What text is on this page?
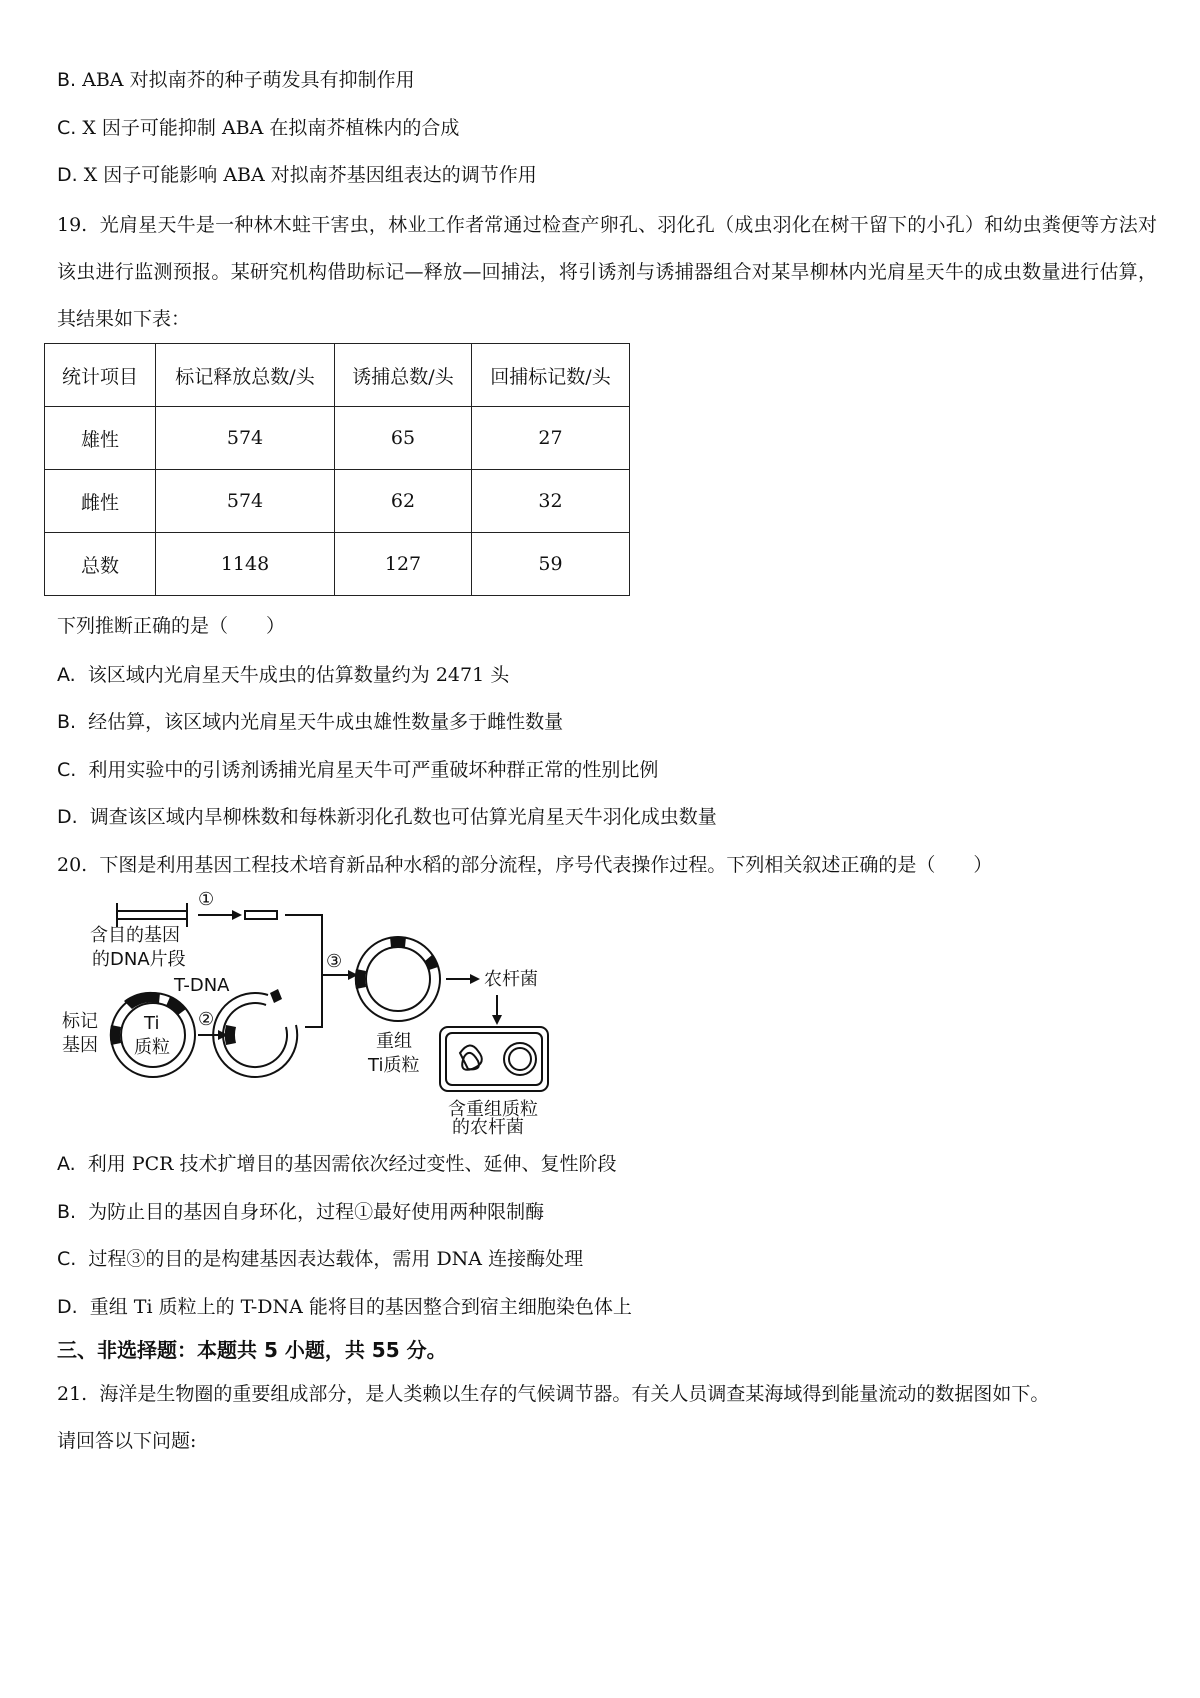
B. ABA 对拟南芥的种子萌发具有抑制作用
C. X 因子可能抑制 ABA 在拟南芥植株内的合成
D. X 因子可能影响 ABA 对拟南芥基因组表达的调节作用
19. 光肩星天牛是一种林木蛀干害虫，林业工作者常通过检查产卵孔、羽化孔（成虫羽化在树干留下的小孔）和幼虫粪便等方法对该虫进行监测预报。某研究机构借助标记—释放—回捕法，将引诱剂与诱捕器组合对某旱柳林内光肩星天牛的成虫数量进行估算，其结果如下表：
统计项目	标记释放总数/头	诱捕总数/头	回捕标记数/头
雄性	574	65	27
雌性	574	62	32
总数	1148	127	59
下列推断正确的是（　　）
A. 该区域内光肩星天牛成虫的估算数量约为 2471 头
B. 经估算，该区域内光肩星天牛成虫雄性数量多于雌性数量
C. 利用实验中的引诱剂诱捕光肩星天牛可严重破坏种群正常的性别比例
D. 调查该区域内旱柳株数和每株新羽化孔数也可估算光肩星天牛羽化成虫数量
20. 下图是利用基因工程技术培育新品种水稻的部分流程，序号代表操作过程。下列相关叙述正确的是（　　）
①
含目的基因
的DNA片段
T-DNA
标记
基因
Ti
质粒
②
③
重组
Ti质粒
农杆菌
含重组质粒
的农杆菌
A. 利用 PCR 技术扩增目的基因需依次经过变性、延伸、复性阶段
B. 为防止目的基因自身环化，过程①最好使用两种限制酶
C. 过程③的目的是构建基因表达载体，需用 DNA 连接酶处理
D. 重组 Ti 质粒上的 T-DNA 能将目的基因整合到宿主细胞染色体上
三、非选择题：本题共 5 小题，共 55 分。
21. 海洋是生物圈的重要组成部分，是人类赖以生存的气候调节器。有关人员调查某海域得到能量流动的数据图如下。
请回答以下问题:
